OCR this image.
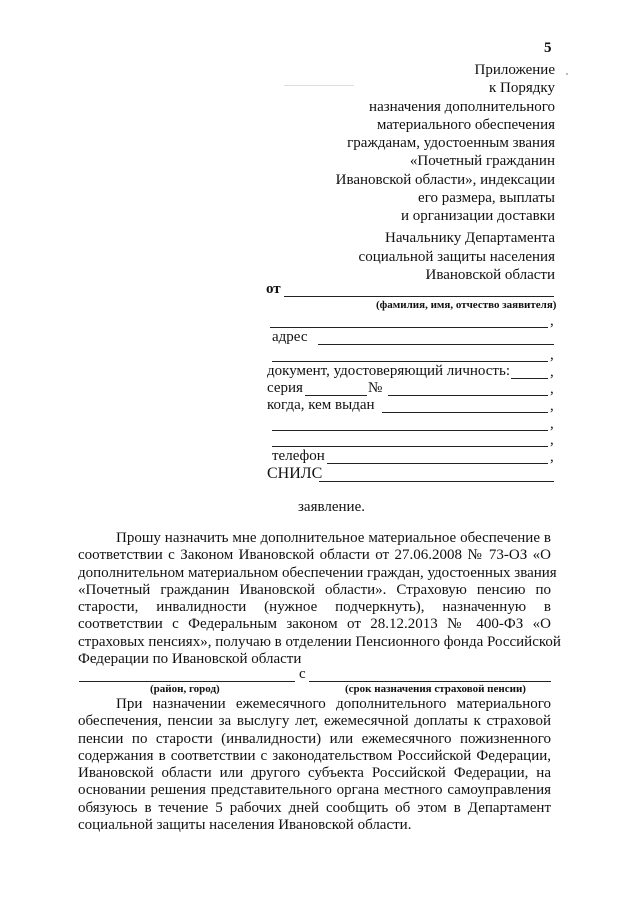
5
Приложение
к Порядку
назначения дополнительного
материального обеспечения
гражданам, удостоенным звания
«Почетный гражданин
Ивановской области», индексации
его размера, выплаты
и организации доставки
Начальнику Департамента
социальной защиты населения
Ивановской области
от
(фамилия, имя, отчество заявителя)
,
адрес
,
документ, удостоверяющий личность:	,
серия	№	,
когда, кем выдан	,
,
,
телефон	,
СНИЛС
заявление.
Прошу назначить мне дополнительное материальное обеспечение в
соответствии с Законом Ивановской области от 27.06.2008 № 73-ОЗ «О
дополнительном материальном обеспечении граждан, удостоенных звания
«Почетный гражданин Ивановской области». Страховую пенсию по
старости, инвалидности (нужное подчеркнуть), назначенную в
соответствии с Федеральным законом от 28.12.2013 № 400-ФЗ «О
страховых пенсиях», получаю в отделении Пенсионного фонда Российской
Федерации по Ивановской области
с
(район, город)	(срок назначения страховой пенсии)
При назначении ежемесячного дополнительного материального
обеспечения, пенсии за выслугу лет, ежемесячной доплаты к страховой
пенсии по старости (инвалидности) или ежемесячного пожизненного
содержания в соответствии с законодательством Российской Федерации,
Ивановской области или другого субъекта Российской Федерации, на
основании решения представительного органа местного самоуправления
обязуюсь в течение 5 рабочих дней сообщить об этом в Департамент
социальной защиты населения Ивановской области.
